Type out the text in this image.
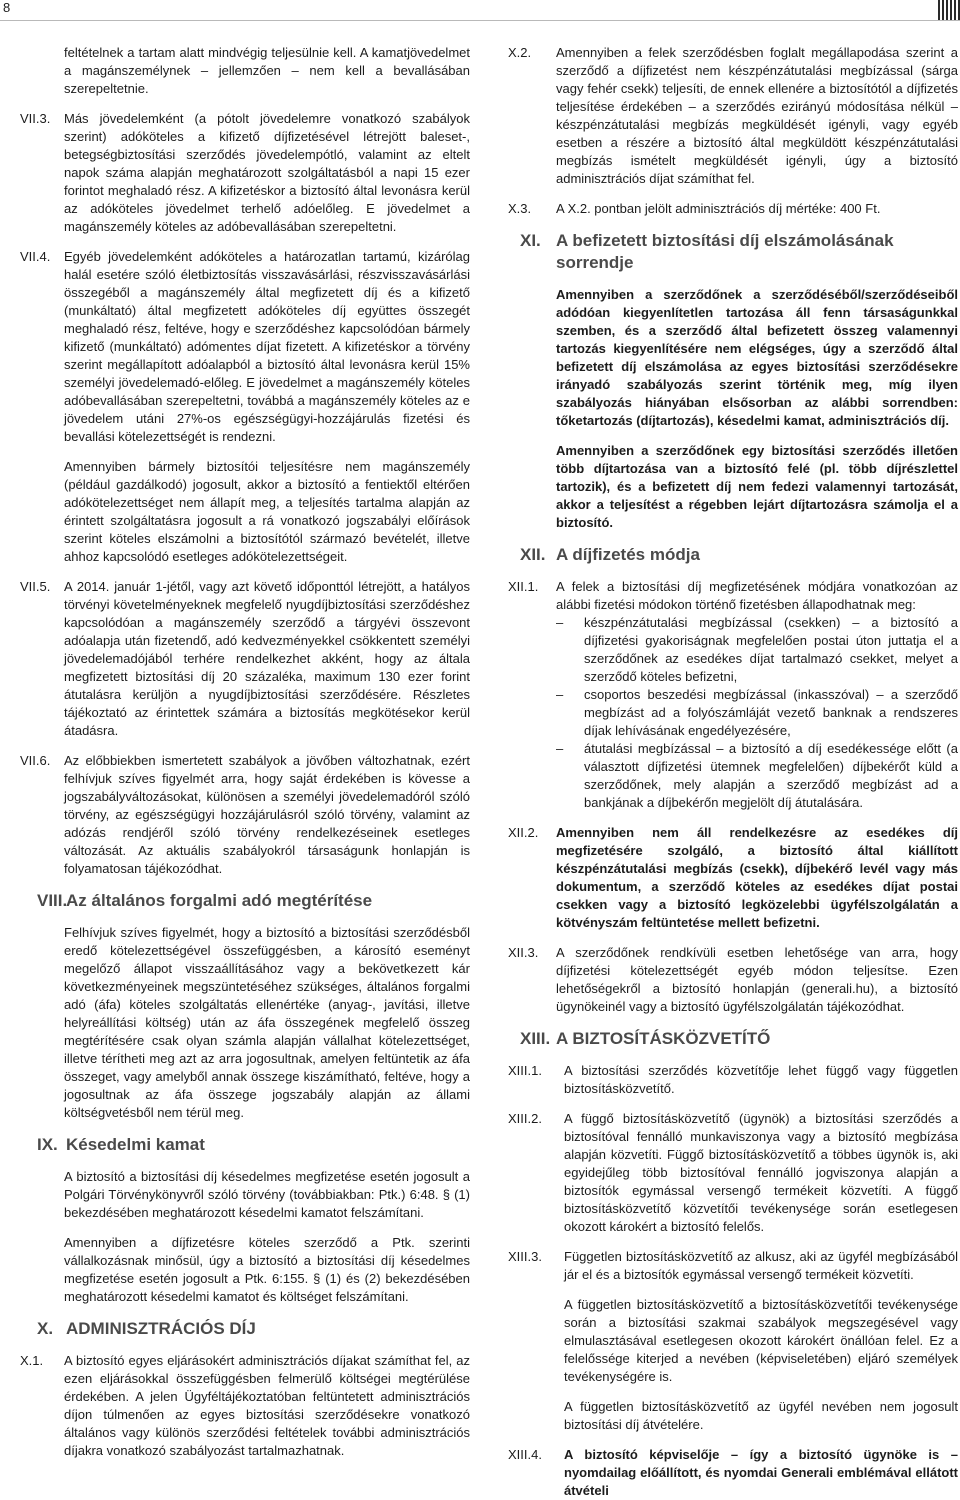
8

feltételnek a tartam alatt mindvégig teljesülnie kell. A kamatjövedelmet a magánszemélynek – jellemzően – nem kell a bevallásában szerepeltetnie.

VII.3. Más jövedelemként (a pótolt jövedelemre vonatkozó szabályok szerint) adóköteles a kifizető díjfizetésével létrejött baleset-, betegségbiztosítási szerződés jövedelempótló, valamint az eltelt napok száma alapján meghatározott szolgáltatásból a napi 15 ezer forintot meghaladó rész. A kifizetéskor a biztosító által levonásra kerül az adóköteles jövedelmet terhelő adóelőleg. E jövedelmet a magánszemély köteles az adóbevallásában szerepeltetni.

VII.4. Egyéb jövedelemként adóköteles a határozatlan tartamú, kizárólag halál esetére szóló életbiztosítás visszavásárlási, részvisszavásárlási összegéből a magánszemély által megfizetett díj és a kifizető (munkáltató) által megfizetett adóköteles díj együttes összegét meghaladó rész, feltéve, hogy e szerződéshez kapcsolódóan bármely kifizető (munkáltató) adómentes díjat fizetett. A kifizetéskor a törvény szerint megállapított adóalapból a biztosító által levonásra kerül 15% személyi jövedelemadó-előleg. E jövedelmet a magánszemély köteles adóbevallásában szerepeltetni, továbbá a magánszemély köteles az e jövedelem utáni 27%-os egészségügyi-hozzájárulás fizetési és bevallási kötelezettségét is rendezni.

Amennyiben bármely biztosítói teljesítésre nem magánszemély (például gazdálkodó) jogosult, akkor a biztosító a fentiektől eltérően adókötelezettséget nem állapít meg, a teljesítés tartalma alapján az érintett szolgáltatásra jogosult a rá vonatkozó jogszabályi előírások szerint köteles elszámolni a biztosítótól származó bevételét, illetve ahhoz kapcsolódó esetleges adókötelezettségeit.

VII.5. A 2014. január 1-jétől, vagy azt követő időponttól létrejött, a hatályos törvényi követelményeknek megfelelő nyugdíjbiztosítási szerződéshez kapcsolódóan a magánszemély szerződő a tárgyévi összevont adóalapja után fizetendő, adó kedvezményekkel csökkentett személyi jövedelemadójából terhére rendelkezhet akként, hogy az általa megfizetett biztosítási díj 20 százaléka, maximum 130 ezer forint átutalásra kerüljön a nyugdíjbiztosítási szerződésére. Részletes tájékoztató az érintettek számára a biztosítás megkötésekor kerül átadásra.

VII.6. Az előbbiekben ismertetett szabályok a jövőben változhatnak, ezért felhívjuk szíves figyelmét arra, hogy saját érdekében is kövesse a jogszabályváltozásokat, különösen a személyi jövedelemadóról szóló törvény, az egészségügyi hozzájárulásról szóló törvény, valamint az adózás rendjéről szóló törvény rendelkezéseinek esetleges változását. Az aktuális szabályokról társaságunk honlapján is folyamatosan tájékozódhat.

VIII.
Az általános forgalmi adó megtérítése

Felhívjuk szíves figyelmét, hogy a biztosító a biztosítási szerződésből eredő kötelezettségével összefüggésben, a károsító eseményt megelőző állapot visszaállításához vagy a bekövetkezett kár következményeinek megszüntetéséhez szükséges, általános forgalmi adó (áfa) köteles szolgáltatás ellenértéke (anyag-, javítási, illetve helyreállítási költség) után az áfa összegének megfelelő összeg megtérítésére csak olyan számla alapján vállalhat kötelezettséget, illetve térítheti meg azt az arra jogosultnak, amelyen feltüntetik az áfa összeget, vagy amelyből annak összege kiszámítható, feltéve, hogy a jogosultnak az áfa összege jogszabály alapján az állami költségvetésből nem térül meg.

IX. Késedelmi kamat

A biztosító a biztosítási díj késedelmes megfizetése esetén jogosult a Polgári Törvénykönyvről szóló törvény (továbbiakban: Ptk.) 6:48. § (1) bekezdésében meghatározott késedelmi kamatot felszámítani.

Amennyiben a díjfizetésre köteles szerződő a Ptk. szerinti vállalkozásnak minősül, úgy a biztosító a biztosítási díj késedelmes megfizetése esetén jogosult a Ptk. 6:155. § (1) és (2) bekezdésében meghatározott késedelmi kamatot és költséget felszámítani.

X. ADMINISZTRÁCIÓS DÍJ
X.1. A biztosító egyes eljárásokért adminisztrációs díjakat számíthat fel, az ezen eljárásokkal összefüggésben felmerülő költségei megtérülése érdekében. A jelen Ügyféltájékoztatóban feltüntetett adminisztrációs díjon túlmenően az egyes biztosítási szerződésekre vonatkozó általános vagy különös szerződési feltételek további adminisztrációs díjakra vonatkozó szabályozást tartalmazhatnak.

X.2. Amennyiben a felek szerződésben foglalt megállapodása szerint a szerződő a díjfizetést nem készpénzátutalási megbízással (sárga vagy fehér csekk) teljesíti, de ennek ellenére a biztosítótól a díjfizetés teljesítése érdekében – a szerződés ezirányú módosítása nélkül – készpénzátutalási megbízás megküldését igényli, vagy egyéb esetben a részére a biztosító által megküldött készpénzátutalási megbízás ismételt megküldését igényli, úgy a biztosító adminisztrációs díjat számíthat fel.

X.3. A X.2. pontban jelölt adminisztrációs díj mértéke: 400 Ft.

XI. A befizetett biztosítási díj elszámolásának sorrendje

Amennyiben a szerződőnek a szerződéséből/szerződéseiből adódóan kiegyenlítetlen tartozása áll fenn társaságunkkal szemben, és a szerződő által befizetett összeg valamennyi tartozás kiegyenlítésére nem elégséges, úgy a szerződő által befizetett díj elszámolása az egyes biztosítási szerződésekre irányadó szabályozás szerint történik meg, míg ilyen szabályozás hiányában elsősorban az alábbi sorrendben: tőketartozás (díjtartozás), késedelmi kamat, adminisztrációs díj.

Amennyiben a szerződőnek egy biztosítási szerződés illetően több díjtartozása van a biztosító felé (pl. több díjrészlettel tartozik), és a befizetett díj nem fedezi valamennyi tartozását, akkor a teljesítést a régebben lejárt díjtartozásra számolja el a biztosító.

XII. A díjfizetés módja
XII.1. A felek a biztosítási díj megfizetésének módjára vonatkozóan az alábbi fizetési módokon történő fizetésben állapodhatnak meg:

– készpénzátutalási megbízással (csekken) – a biztosító a díjfizetési gyakoriságnak megfelelően postai úton juttatja el a szerződőnek az esedékes díjat tartalmazó csekket, melyet a szerződő köteles befizetni,
– csoportos beszedési megbízással (inkasszóval) – a szerződő megbízást ad a folyószámláját vezető banknak a rendszeres díjak lehívásának engedélyezésére,
– átutalási megbízással – a biztosító a díj esedékessége előtt (a választott díjfizetési ütemnek megfelelően) díjbekérőt küld a szerződőnek, mely alapján a szerződő megbízást ad a bankjának a díjbekérőn megjelölt díj átutalására.
XII.2. Amennyiben nem áll rendelkezésre az esedékes díj megfizetésére szolgáló, a biztosító által kiállított készpénzátutalási megbízás (csekk), díjbekérő levél vagy más dokumentum, a szerződő köteles az esedékes díjat postai csekken vagy a biztosító legközelebbi ügyfélszolgálatán a kötvényszám feltüntetése mellett befizetni.

XII.3. A szerződőnek rendkívüli esetben lehetősége van arra, hogy díjfizetési kötelezettségét egyéb módon teljesítse. Ezen lehetőségekről a biztosító honlapján (generali.hu), a biztosító ügynökeinél vagy a biztosító ügyfélszolgálatán tájékozódhat.

XIII. A BIZTOSÍTÁSKÖZVETÍTŐ
XIII.1. A biztosítási szerződés közvetítője lehet függő vagy független biztosításközvetítő.

XIII.2. A függő biztosításközvetítő (ügynök) a biztosítási szerződés a biztosítóval fennálló munkaviszonya vagy a biztosító megbízása alapján közvetíti. Függő biztosításközvetítő a többes ügynök is, aki egyidejűleg több biztosítóval fennálló jogviszonya alapján a biztosítók egymással versengő termékeit közvetíti. A függő biztosításközvetítő közvetítői tevékenysége során esetlegesen okozott károkért a biztosító felelős.

XIII.3. Független biztosításközvetítő az alkusz, aki az ügyfél megbízásából jár el és a biztosítók egymással versengő termékeit közvetíti.

A független biztosításközvetítő a biztosításközvetítői tevékenysége során a biztosítási szakmai szabályok megszegésével vagy elmulasztásával esetlegesen okozott károkért önállóan felel. Ez a felelőssége kiterjed a nevében (képviseletében) eljáró személyek tevékenységére is.

A független biztosításközvetítő az ügyfél nevében nem jogosult biztosítási díj átvételére.

XIII.4. A biztosító képviselője – így a biztosító ügynöke is – nyomdailag előállított, és nyomdai Generali emblémával ellátott átvételi
